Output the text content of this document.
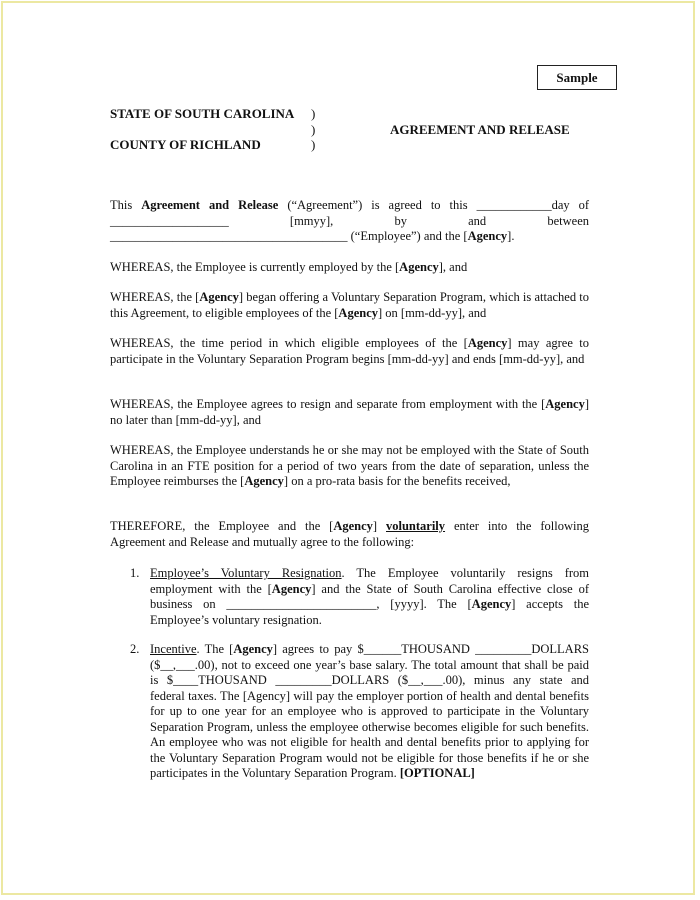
Sample
STATE OF SOUTH CAROLINA
COUNTY OF RICHLAND
)
)
)
AGREEMENT AND RELEASE
This Agreement and Release (“Agreement”) is agreed to this ____________day of ___________________ [mmyy], by and between ______________________________________ (“Employee”) and the [Agency].
WHEREAS, the Employee is currently employed by the [Agency], and
WHEREAS, the [Agency] began offering a Voluntary Separation Program, which is attached to this Agreement, to eligible employees of the [Agency] on [mm-dd-yy], and
WHEREAS, the time period in which eligible employees of the [Agency] may agree to participate in the Voluntary Separation Program begins [mm-dd-yy] and ends [mm-dd-yy], and
WHEREAS, the Employee agrees to resign and separate from employment with the [Agency] no later than [mm-dd-yy], and
WHEREAS, the Employee understands he or she may not be employed with the State of South Carolina in an FTE position for a period of two years from the date of separation, unless the Employee reimburses the [Agency] on a pro-rata basis for the benefits received,
THEREFORE, the Employee and the [Agency] voluntarily enter into the following Agreement and Release and mutually agree to the following:
1. Employee’s Voluntary Resignation. The Employee voluntarily resigns from employment with the [Agency] and the State of South Carolina effective close of business on ________________________, [yyyy]. The [Agency] accepts the Employee’s voluntary resignation.
2. Incentive. The [Agency] agrees to pay $______THOUSAND _________DOLLARS ($__,___.00), not to exceed one year’s base salary. The total amount that shall be paid is $____THOUSAND _________DOLLARS ($__,___.00), minus any state and federal taxes. The [Agency] will pay the employer portion of health and dental benefits for up to one year for an employee who is approved to participate in the Voluntary Separation Program, unless the employee otherwise becomes eligible for such benefits. An employee who was not eligible for health and dental benefits prior to applying for the Voluntary Separation Program would not be eligible for those benefits if he or she participates in the Voluntary Separation Program. [OPTIONAL]
